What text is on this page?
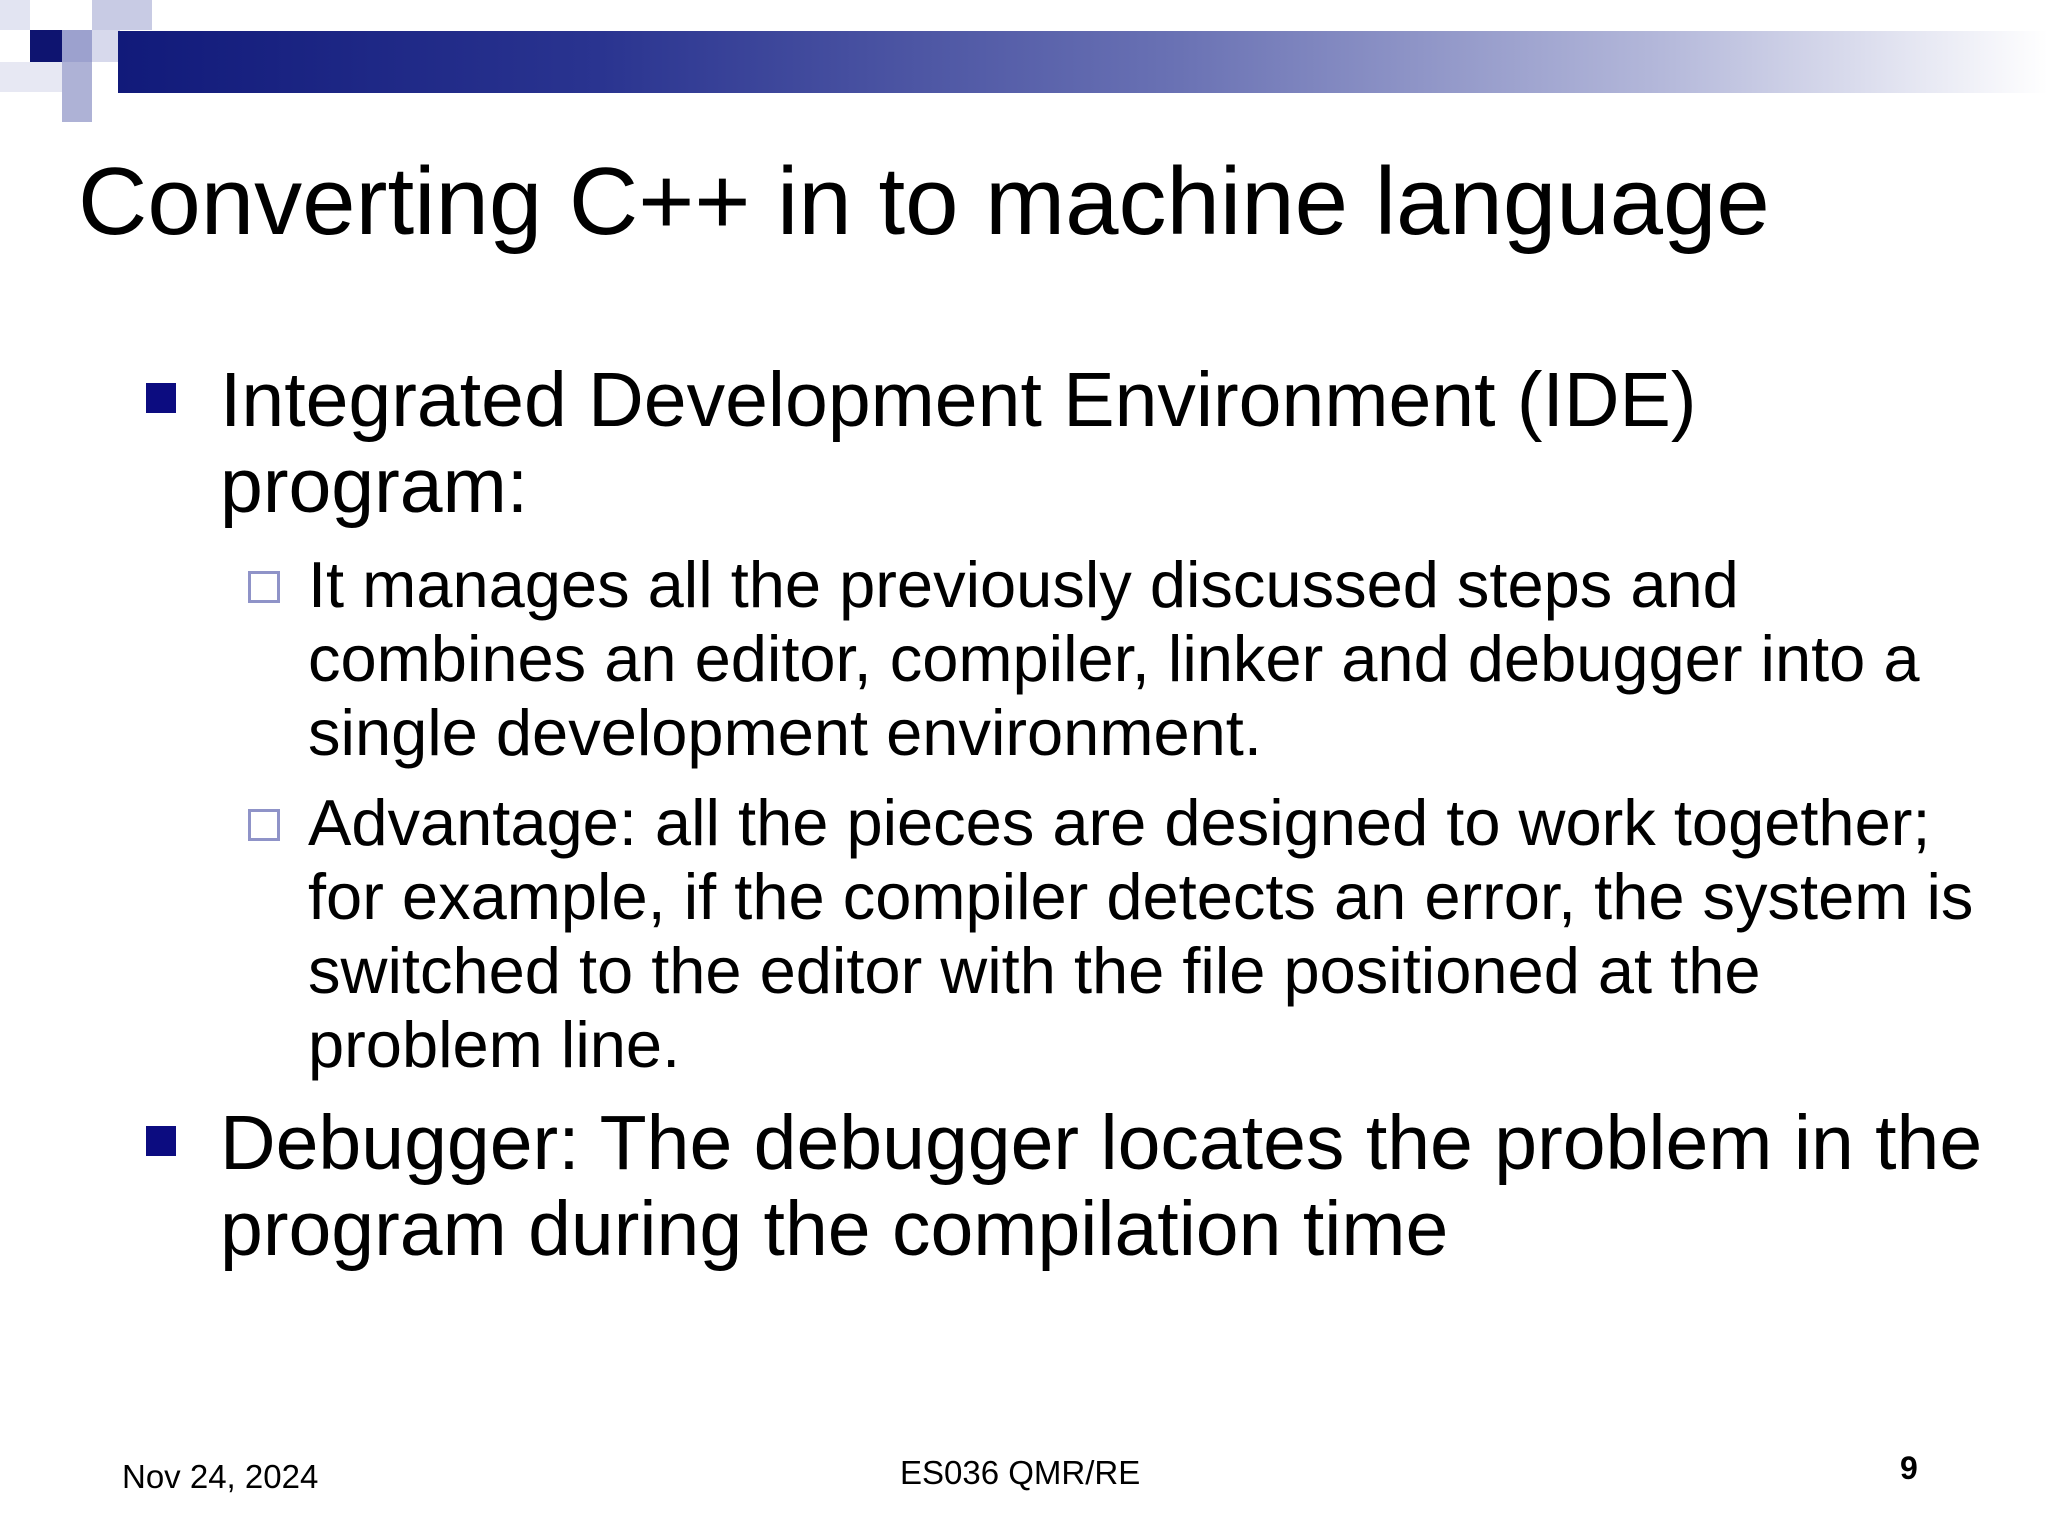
Converting C++ in to machine language
Integrated Development Environment (IDE) program:
It manages all the previously discussed steps and combines an editor, compiler, linker and debugger into a single development environment.
Advantage: all the pieces are designed to work together; for example, if the compiler detects an error, the system is switched to the editor with the file positioned at the problem line.
Debugger: The debugger locates the problem in the program during the compilation time
Nov 24, 2024	ES036 QMR/RE	9
